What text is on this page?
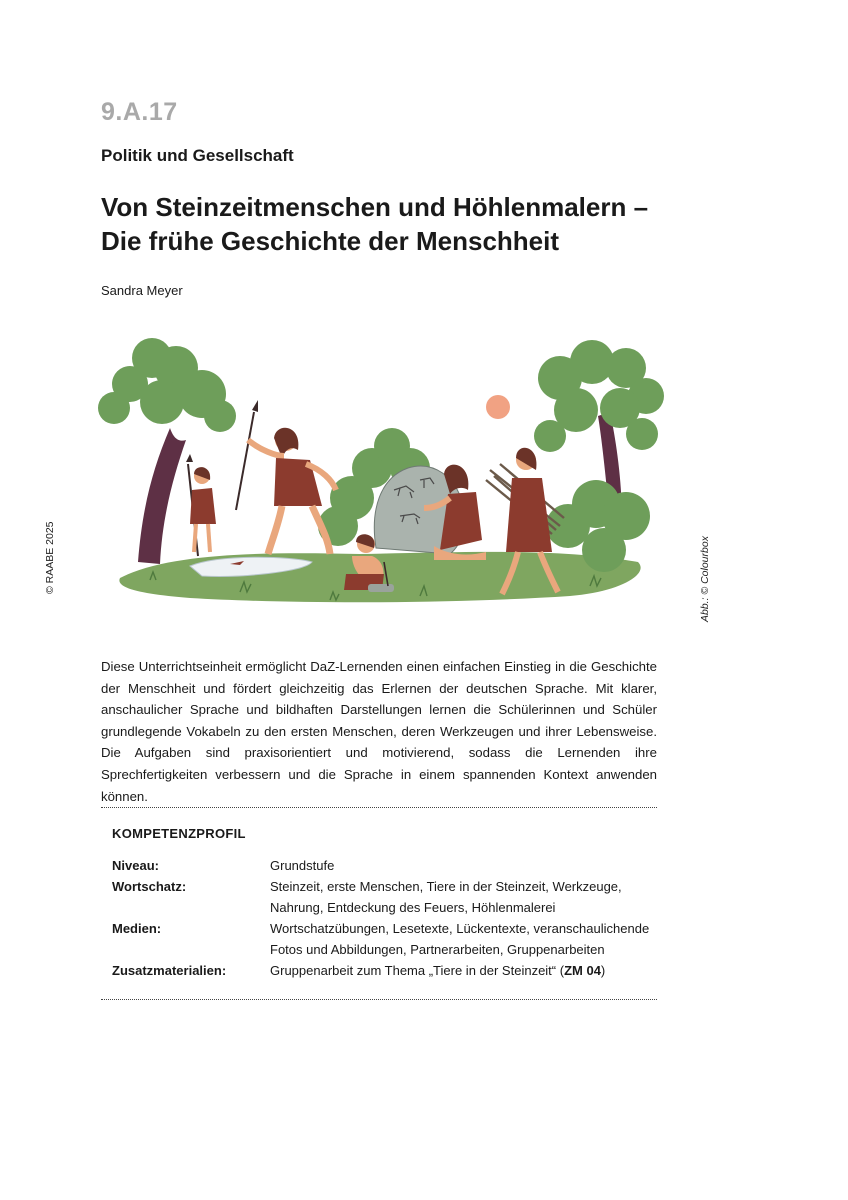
9.A.17
Politik und Gesellschaft
Von Steinzeitmenschen und Höhlenmalern –
Die frühe Geschichte der Menschheit
Sandra Meyer
© RAABE 2025	Abb.: © Colourbox
Diese Unterrichtseinheit ermöglicht DaZ-Lernenden einen einfachen Einstieg in die Geschichte der Menschheit und fördert gleichzeitig das Erlernen der deutschen Sprache. Mit klarer, anschaulicher Sprache und bildhaften Darstellungen lernen die Schülerinnen und Schüler grundlegende Vokabeln zu den ersten Menschen, deren Werkzeugen und ihrer Lebensweise. Die Aufgaben sind praxisorientiert und motivierend, sodass die Lernenden ihre Sprechfertigkeiten verbessern und die Sprache in einem spannenden Kontext anwenden können.
KOMPETENZPROFIL
Niveau:	Grundstufe
Wortschatz:	Steinzeit, erste Menschen, Tiere in der Steinzeit, Werkzeuge, Nahrung, Entdeckung des Feuers, Höhlenmalerei
Medien:	Wortschatzübungen, Lesetexte, Lückentexte, veranschaulichende Fotos und Abbildungen, Partnerarbeiten, Gruppenarbeiten
Zusatzmaterialien:	Gruppenarbeit zum Thema „Tiere in der Steinzeit“ (ZM 04)
